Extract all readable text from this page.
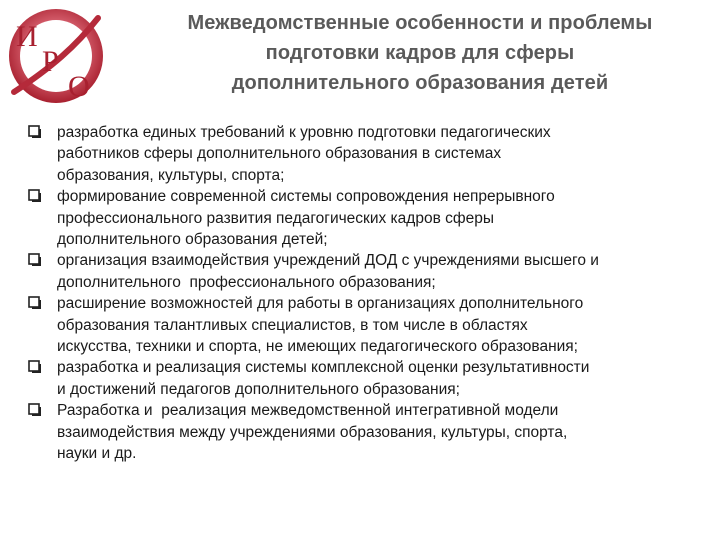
И
Р
О
Межведомственные особенности и проблемы
подготовки кадров для сферы
дополнительного образования детей
разработка единых требований к уровню подготовки педагогических
работников сферы дополнительного образования в системах
образования, культуры, спорта;
формирование современной системы сопровождения непрерывного
профессионального развития педагогических кадров сферы
дополнительного образования детей;
организация взаимодействия учреждений ДОД с учреждениями высшего и
дополнительного  профессионального образования;
расширение возможностей для работы в организациях дополнительного
образования талантливых специалистов, в том числе в областях
искусства, техники и спорта, не имеющих педагогического образования;
разработка и реализация системы комплексной оценки результативности
и достижений педагогов дополнительного образования;
Разработка и  реализация межведомственной интегративной модели
взаимодействия между учреждениями образования, культуры, спорта,
науки и др.
